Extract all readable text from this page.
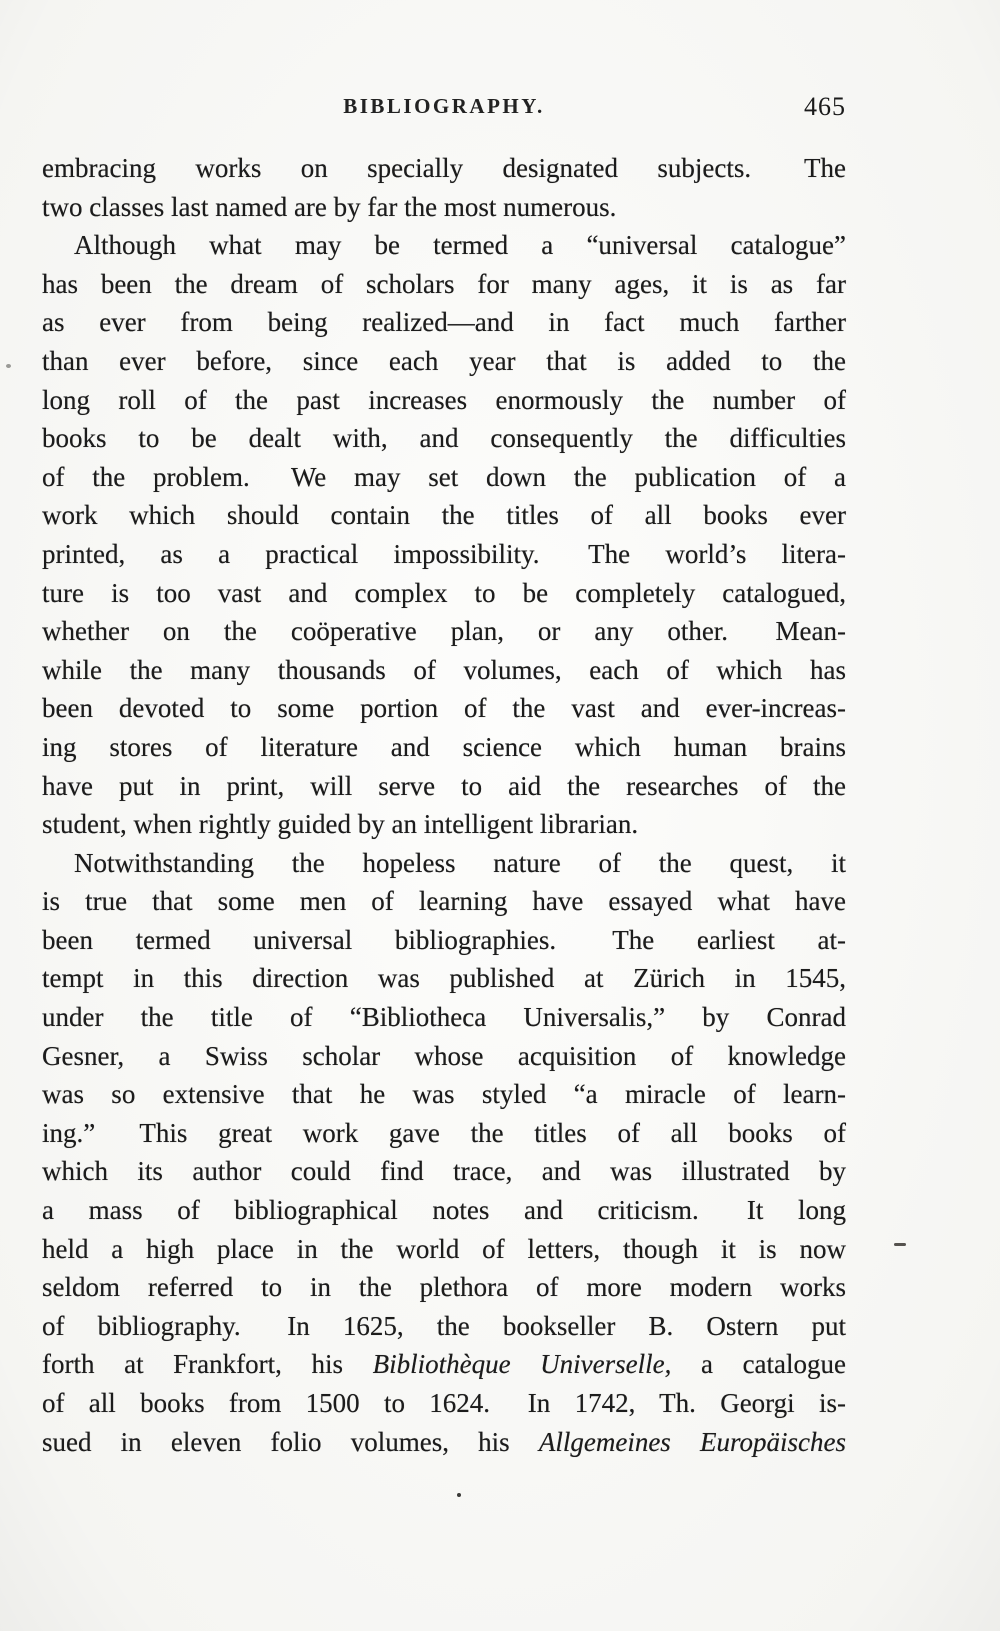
BIBLIOGRAPHY.	465
embracing works on specially designated subjects.  The
two classes last named are by far the most numerous.
Although what may be termed a “universal catalogue”
has been the dream of scholars for many ages, it is as far
as ever from being realized—and in fact much farther
than ever before, since each year that is added to the
long roll of the past increases enormously the number of
books to be dealt with, and consequently the difficulties
of the problem.  We may set down the publication of a
work which should contain the titles of all books ever
printed, as a practical impossibility.  The world’s litera-
ture is too vast and complex to be completely catalogued,
whether on the coöperative plan, or any other.  Mean-
while the many thousands of volumes, each of which has
been devoted to some portion of the vast and ever-increas-
ing stores of literature and science which human brains
have put in print, will serve to aid the researches of the
student, when rightly guided by an intelligent librarian.
Notwithstanding the hopeless nature of the quest, it
is true that some men of learning have essayed what have
been termed universal bibliographies.  The earliest at-
tempt in this direction was published at Zürich in 1545,
under the title of “Bibliotheca Universalis,” by Conrad
Gesner, a Swiss scholar whose acquisition of knowledge
was so extensive that he was styled “a miracle of learn-
ing.”  This great work gave the titles of all books of
which its author could find trace, and was illustrated by
a mass of bibliographical notes and criticism.  It long
held a high place in the world of letters, though it is now
seldom referred to in the plethora of more modern works
of bibliography.  In 1625, the bookseller B. Ostern put
forth at Frankfort, his Bibliothèque Universelle, a catalogue
of all books from 1500 to 1624.  In 1742, Th. Georgi is-
sued in eleven folio volumes, his Allgemeines Europäisches
